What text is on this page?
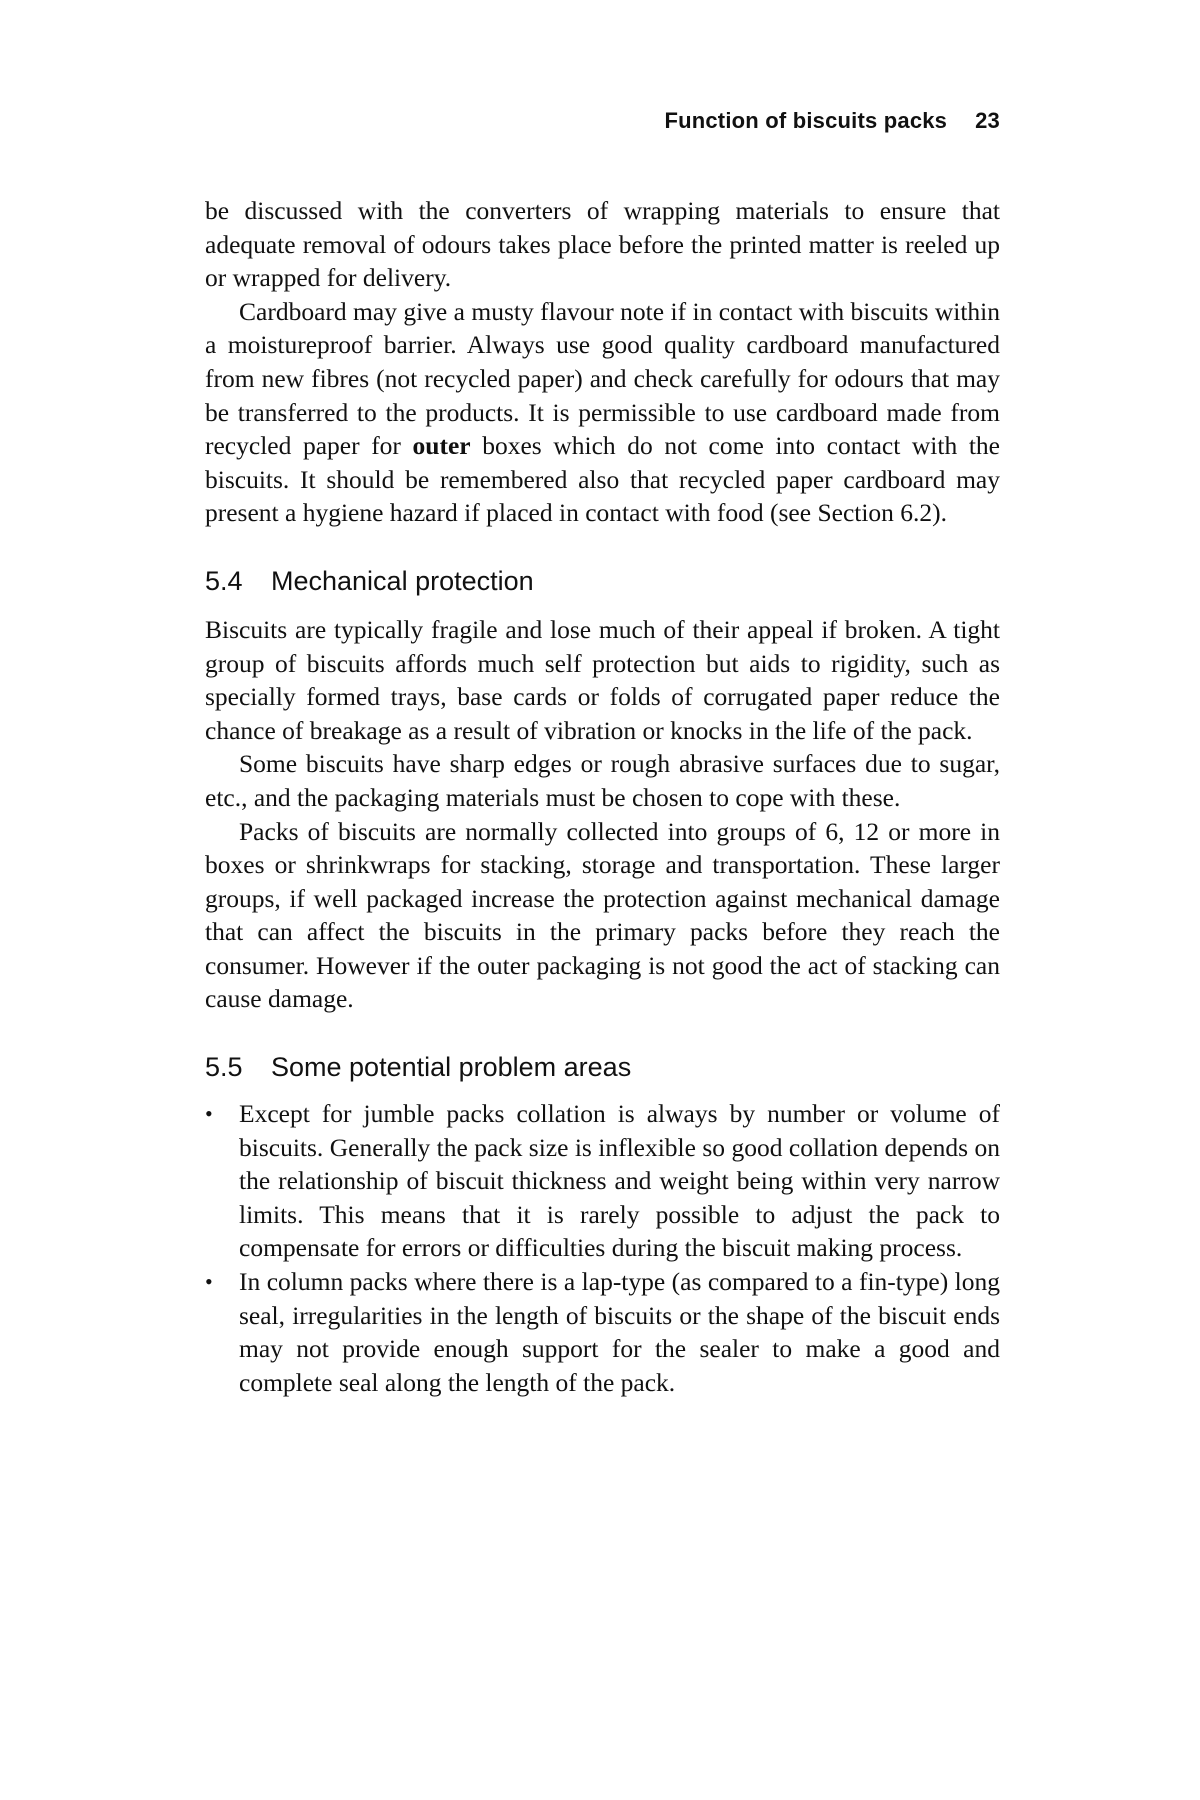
Function of biscuits packs 23

be discussed with the converters of wrapping materials to ensure that adequate removal of odours takes place before the printed matter is reeled up or wrapped for delivery.

Cardboard may give a musty flavour note if in contact with biscuits within a moistureproof barrier. Always use good quality cardboard manufactured from new fibres (not recycled paper) and check carefully for odours that may be transferred to the products. It is permissible to use cardboard made from recycled paper for outer boxes which do not come into contact with the biscuits. It should be remembered also that recycled paper cardboard may present a hygiene hazard if placed in contact with food (see Section 6.2).

5.4 Mechanical protection

Biscuits are typically fragile and lose much of their appeal if broken. A tight group of biscuits affords much self protection but aids to rigidity, such as specially formed trays, base cards or folds of corrugated paper reduce the chance of breakage as a result of vibration or knocks in the life of the pack.

Some biscuits have sharp edges or rough abrasive surfaces due to sugar, etc., and the packaging materials must be chosen to cope with these.

Packs of biscuits are normally collected into groups of 6, 12 or more in boxes or shrinkwraps for stacking, storage and transportation. These larger groups, if well packaged increase the protection against mechanical damage that can affect the biscuits in the primary packs before they reach the consumer. However if the outer packaging is not good the act of stacking can cause damage.

5.5 Some potential problem areas
• Except for jumble packs collation is always by number or volume of biscuits. Generally the pack size is inflexible so good collation depends on the relationship of biscuit thickness and weight being within very narrow limits. This means that it is rarely possible to adjust the pack to compensate for errors or difficulties during the biscuit making process.
• In column packs where there is a lap-type (as compared to a fin-​type) long seal, irregularities in the length of biscuits or the shape of the biscuit ends may not provide enough support for the sealer to make a good and complete seal along the length of the pack.
